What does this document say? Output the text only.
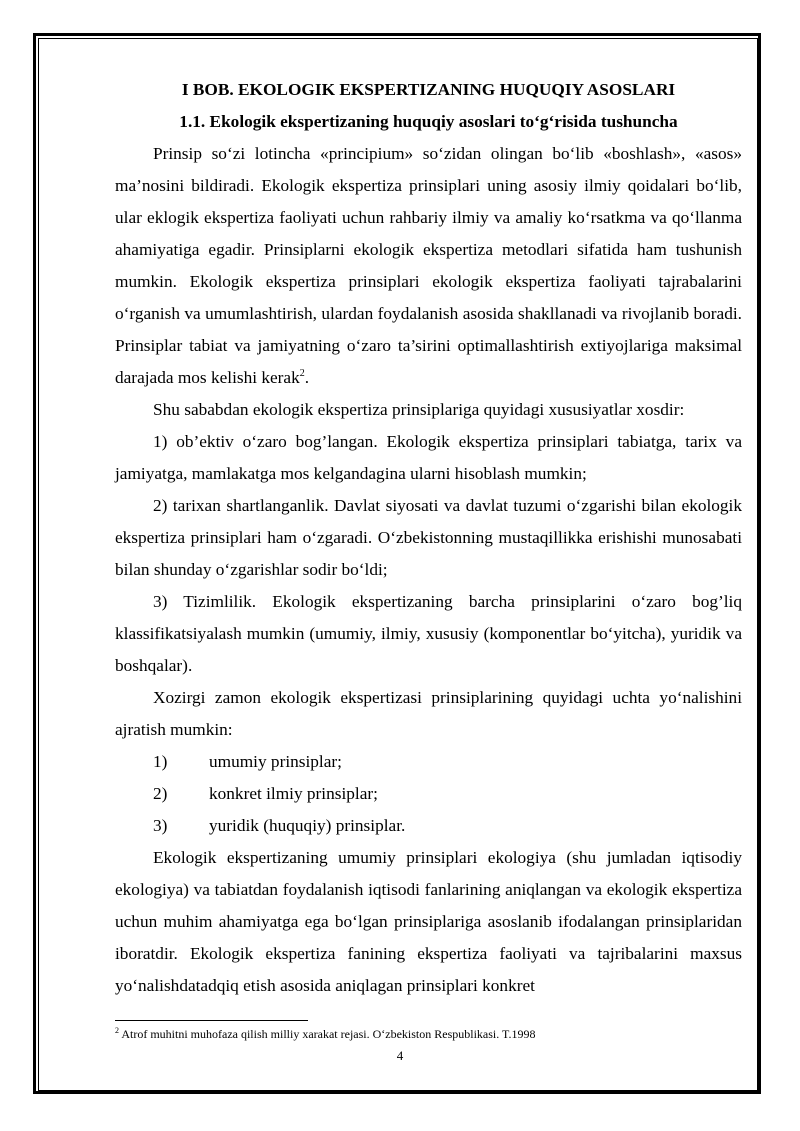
I BOB. EKOLOGIK EKSPERTIZANING HUQUQIY ASOSLARI
1.1. Ekologik ekspertizaning huquqiy asoslari to‘g‘risida tushuncha

Prinsip so‘zi lotincha «principium» so‘zidan olingan bo‘lib «boshlash», «asos» ma’nosini bildiradi. Ekologik ekspertiza prinsiplari uning asosiy ilmiy qoidalari bo‘lib, ular eklogik ekspertiza faoliyati uchun rahbariy ilmiy va amaliy ko‘rsatkma va qo‘llanma ahamiyatiga egadir. Prinsiplarni ekologik ekspertiza metodlari sifatida ham tushunish mumkin. Ekologik ekspertiza prinsiplari ekologik ekspertiza faoliyati tajrabalarini o‘rganish va umumlashtirish, ulardan foydalanish asosida shakllanadi va rivojlanib boradi. Prinsiplar tabiat va jamiyatning o‘zaro ta’sirini optimallashtirish extiyojlariga maksimal darajada mos kelishi kerak$^2$.

Shu sababdan ekologik ekspertiza prinsiplariga quyidagi xususiyatlar xosdir:

1) ob’ektiv o‘zaro bog’langan. Ekologik ekspertiza prinsiplari tabiatga, tarix va jamiyatga, mamlakatga mos kelgandagina ularni hisoblash mumkin;

2) tarixan shartlanganlik. Davlat siyosati va davlat tuzumi o‘zgarishi bilan ekologik ekspertiza prinsiplari ham o‘zgaradi. O‘zbekistonning mustaqillikka erishishi munosabati bilan shunday o‘zgarishlar sodir bo‘ldi;

3) Tizimlilik. Ekologik ekspertizaning barcha prinsiplarini o‘zaro bog’liq klassifikatsiyalash mumkin (umumiy, ilmiy, xususiy (komponentlar bo‘yitcha), yuridik va boshqalar).

Xozirgi zamon ekologik ekspertizasi prinsiplarining quyidagi uchta yo‘nalishini ajratish mumkin:

1) umumiy prinsiplar;
2) konkret ilmiy prinsiplar;
3) yuridik (huquqiy) prinsiplar.

Ekologik ekspertizaning umumiy prinsiplari ekologiya (shu jumladan iqtisodiy ekologiya) va tabiatdan foydalanish iqtisodi fanlarining aniqlangan va ekologik ekspertiza uchun muhim ahamiyatga ega bo‘lgan prinsiplariga asoslanib ifodalangan prinsiplaridan iboratdir. Ekologik ekspertiza fanining ekspertiza faoliyati va tajribalarini maxsus yo‘nalishdatadqiq etish asosida aniqlagan prinsiplari konkret

$^2$ Atrof muhitni muhofaza qilish milliy xarakat rejasi. O‘zbekiston Respublikasi. T.1998
4
